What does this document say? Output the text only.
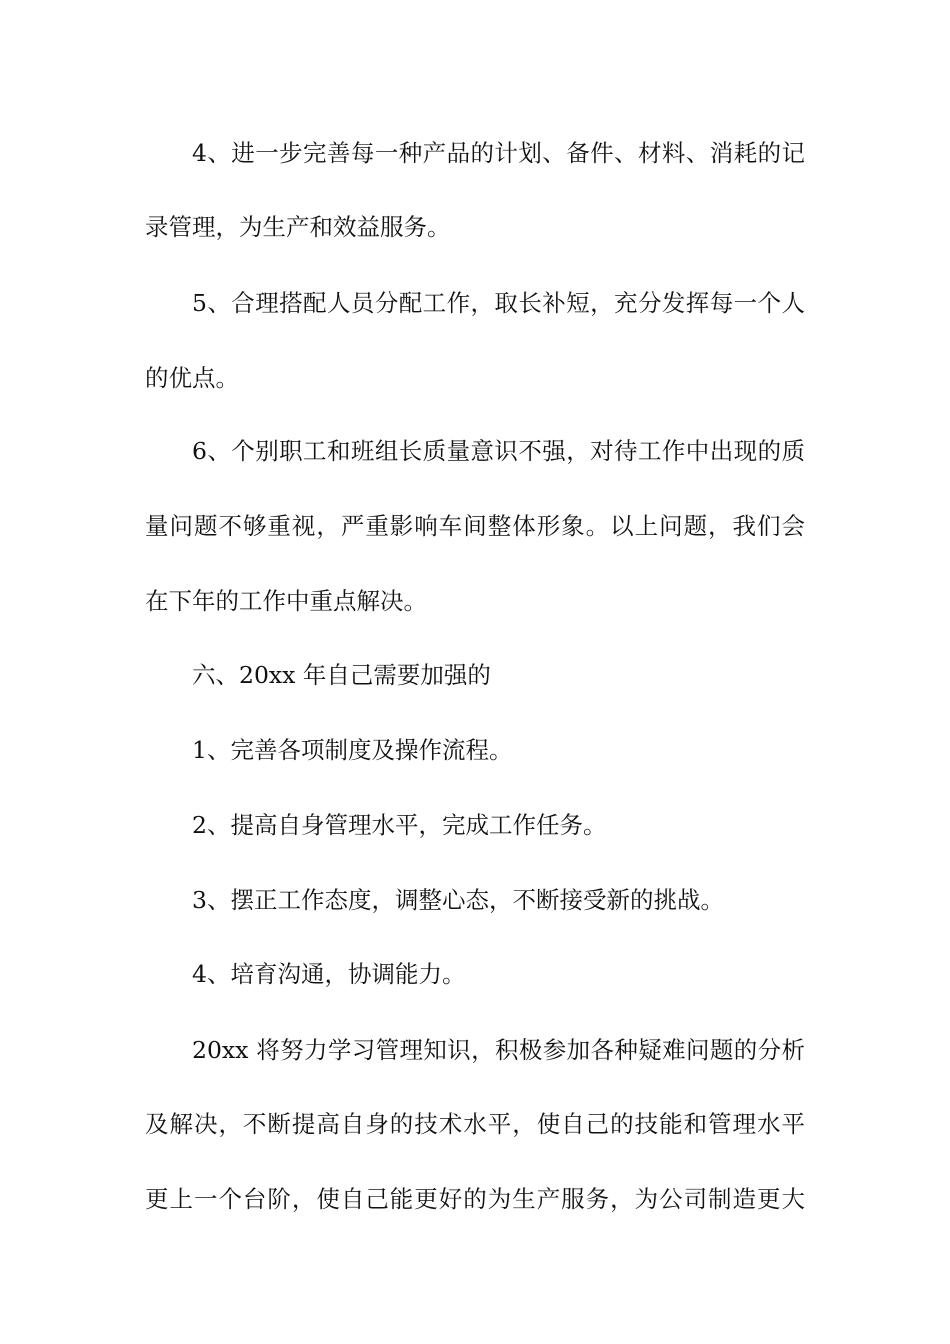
4、进一步完善每一种产品的计划、备件、材料、消耗的记

录管理，为生产和效益服务。

5、合理搭配人员分配工作，取长补短，充分发挥每一个人

的优点。

6、个别职工和班组长质量意识不强，对待工作中出现的质

量问题不够重视，严重影响车间整体形象。以上问题，我们会

在下年的工作中重点解决。

六、20xx 年自己需要加强的

1、完善各项制度及操作流程。

2、提高自身管理水平，完成工作任务。

3、摆正工作态度，调整心态，不断接受新的挑战。

4、培育沟通，协调能力。

20xx 将努力学习管理知识，积极参加各种疑难问题的分析

及解决，不断提高自身的技术水平，使自己的技能和管理水平

更上一个台阶，使自己能更好的为生产服务，为公司制造更大
